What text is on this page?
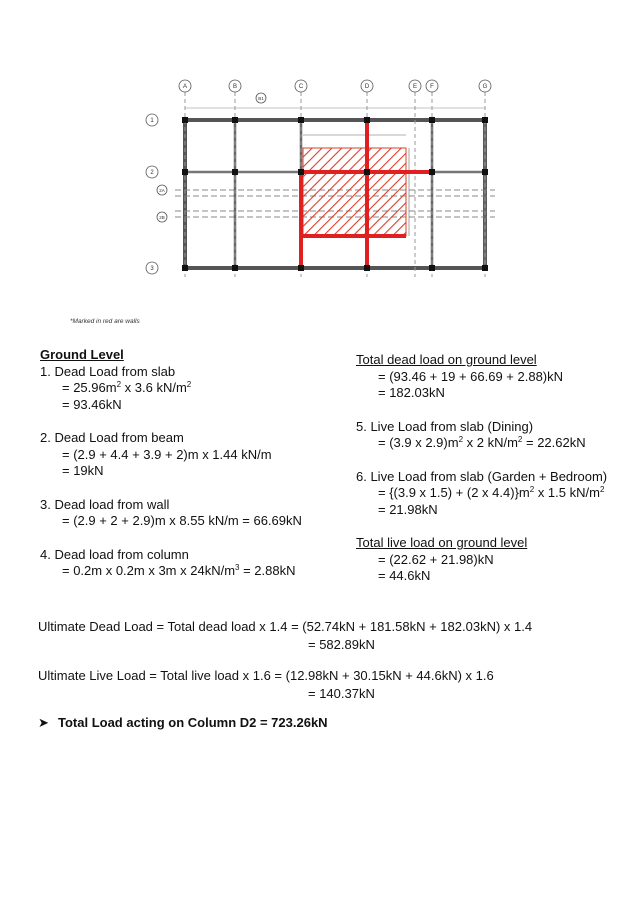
A	B	C	D	E F	G
B1
1
2
2A
2B
3
*Marked in red are walls
Ground Level
1. Dead Load from slab
= $25.96m^2$ x 3.6 $kN/m^2$
= 93.46kN
2. Dead Load from beam
= (2.9 + 4.4 + 3.9 + 2)m x 1.44 kN/m
= 19kN
3. Dead load from wall
= (2.9 + 2 + 2.9)m x 8.55 kN/m = 66.69kN
4. Dead load from column
= 0.2m x 0.2m x 3m x $24kN/m^3 = 2.88kN$
Total dead load on ground level
= (93.46 + 19 + 66.69 + 2.88)kN
= 182.03kN
5. Live Load from slab (Dining)
= (3.9 x $2.9)m^2$ x 2 $kN/m^2 = 22.62kN$
6. Live Load from slab (Garden + Bedroom)
= {(3.9 x 1.5) + (2 x $4.4)\}m^2$ x 1.5 $kN/m^2$
= 21.98kN
Total live load on ground level
= (22.62 + 21.98)kN
= 44.6kN
Ultimate Dead Load = Total dead load x 1.4 = (52.74kN + 181.58kN + 182.03kN) x 1.4
= 582.89kN
Ultimate Live Load = Total live load x 1.6 = (12.98kN + 30.15kN + 44.6kN) x 1.6
= 140.37kN
➤ Total Load acting on Column D2 = 723.26kN
